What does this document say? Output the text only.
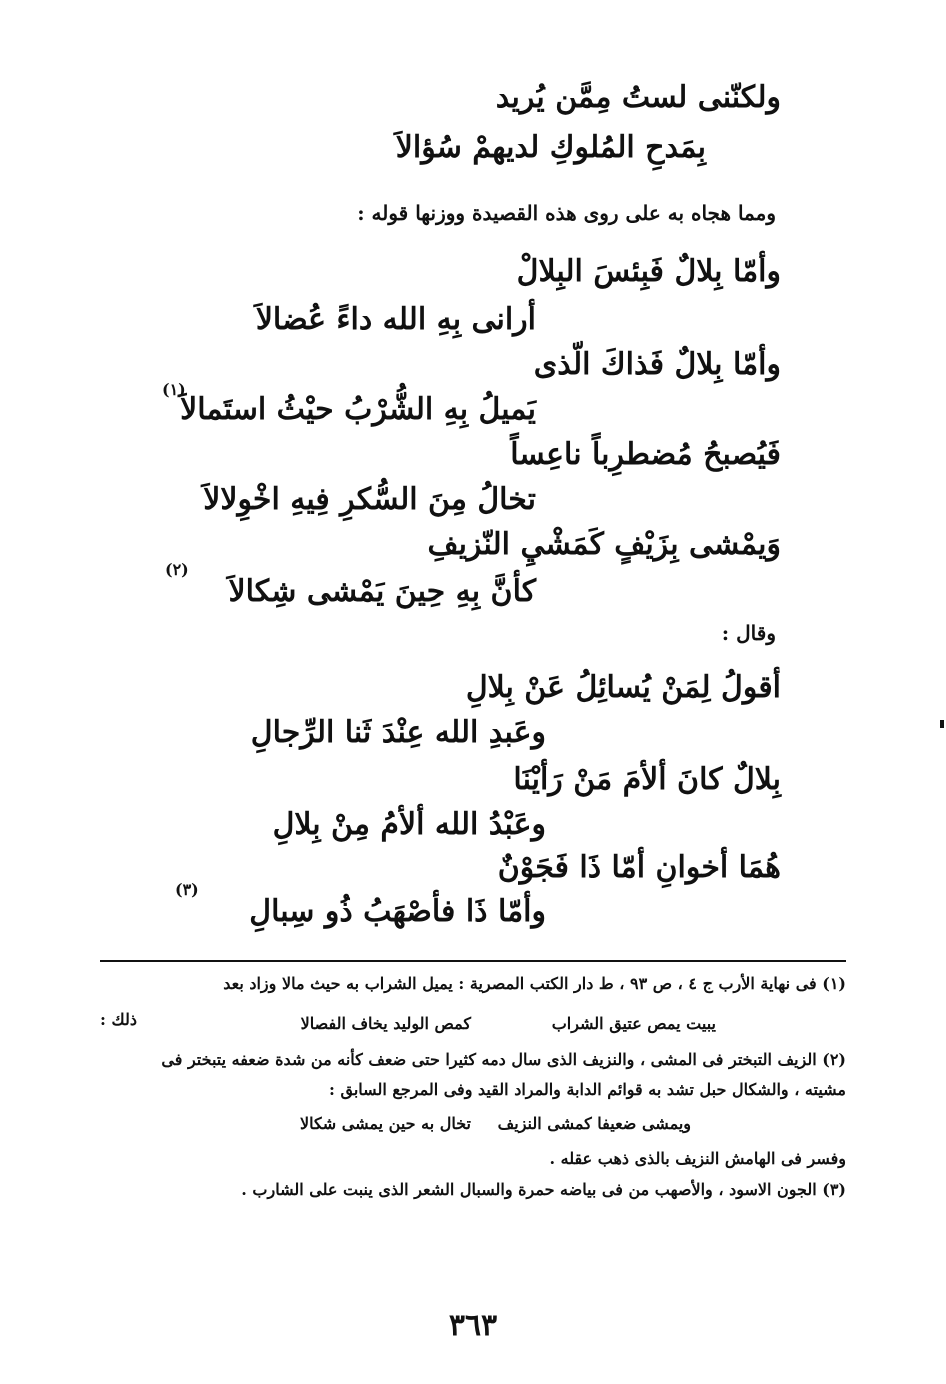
ولكنّنى لستُ مِمَّن يُريد
بِمَدحِ المُلوكِ لديهمْ سُؤالاَ
ومما هجاه به على روى هذه القصيدة ووزنها قوله :
وأمّا بِلالٌ فَبِئسَ البِلالْ
أرانى بِهِ الله داءً عُضالاَ
وأمّا بِلالٌ فَذاكَ الّذى
يَميلُ بِهِ الشُّرْبُ حيْثُ استَمالاَ
(١)
فَيُصبحُ مُضطرِباً ناعِساً
تخالُ مِنَ السُّكرِ فِيهِ اخْوِلالاَ
وَيمْشى بِزَيْفٍ كَمَشْيِ النّزيفِ
كأنَّ بِهِ حِينَ يَمْشى شِكالاَ
(٢)
وقال :
أقولُ لِمَنْ يُسائِلُ عَنْ بِلالِ
وعَبدِ الله عِنْدَ ثَنا الرِّجالِ
بِلالٌ كانَ ألأمَ مَنْ رَأيْنَا
وعَبْدُ الله ألأمُ مِنْ بِلالِ
هُمَا أخوانِ أمّا ذَا فَجَوْنٌ
وأمّا ذَا فأصْهَبُ ذُو سِبالِ
(٣)
(١) فى نهاية الأرب ج ٤ ، ص ٩٣ ، ط دار الكتب المصرية : يميل الشراب به حيث مالا وزاد بعد
ذلك :	يبيت يمص عتيق الشراب
كمص الوليد يخاف الفصالا
(٢) الزيف التبختر فى المشى ، والنزيف الذى سال دمه كثيرا حتى ضعف كأنه من شدة ضعفه يتبختر فى
مشيته ، والشكال حبل تشد به قوائم الدابة والمراد القيد وفى المرجع السابق :
ويمشى ضعيفا كمشى النزيف
تخال به حين يمشى شكالا
وفسر فى الهامش النزيف بالذى ذهب عقله .
(٣) الجون الاسود ، والأصهب من فى بياضه حمرة والسبال الشعر الذى ينبت على الشارب .
٣٦٣
